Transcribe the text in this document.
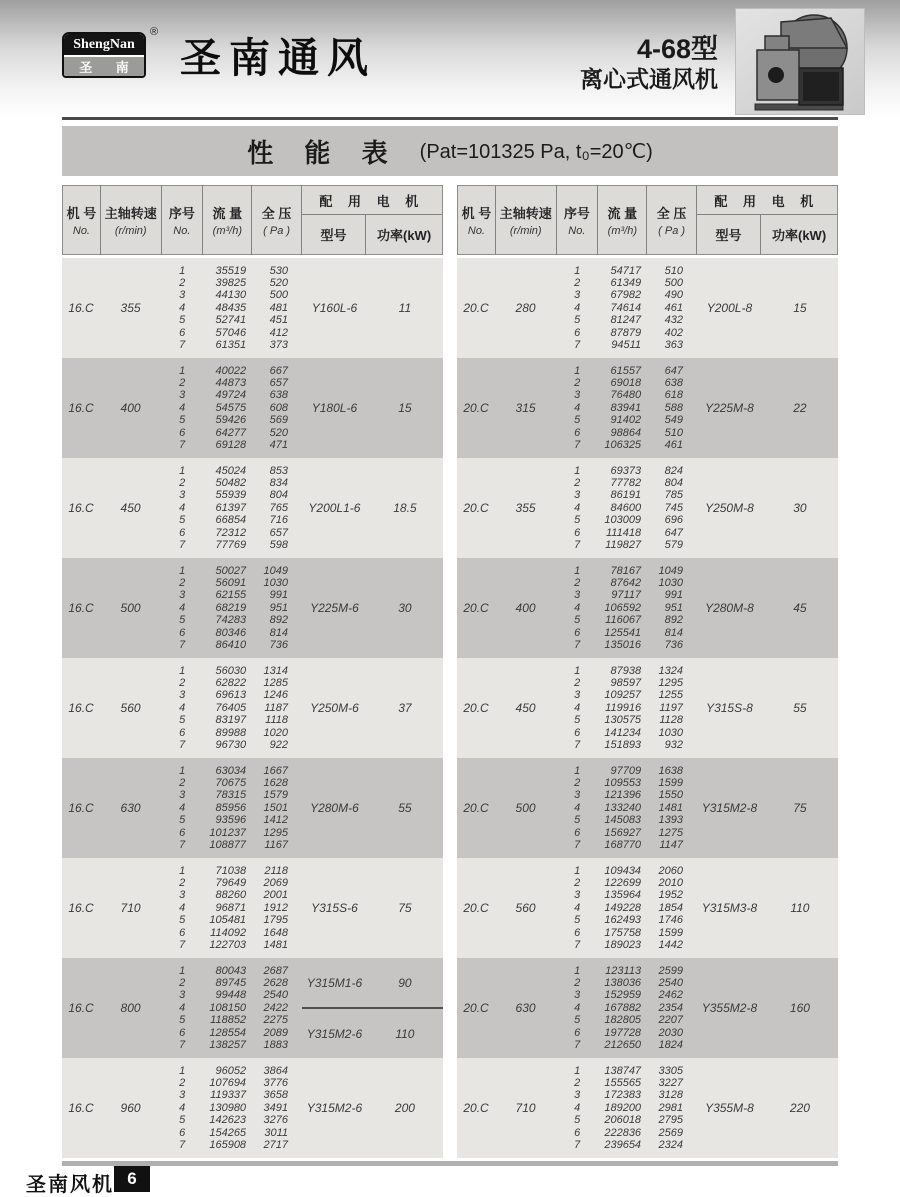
ShengNan
圣 南
®
圣南通风	4-68型
离心式通风机
性 能 表 (Pat=101325 Pa, t₀=20℃)
机 号
No.
主轴转速
(r/min)
序号
No.
流 量
(m³/h)
全 压
( Pa )
配 用 电 机
型号	功率(kW)
16.C	355
1	35519	530
2	39825	520
3	44130	500
4	48435	481
5	52741	451
6	57046	412
7	61351	373
Y160L-6	11
16.C	400
1	40022	667
2	44873	657
3	49724	638
4	54575	608
5	59426	569
6	64277	520
7	69128	471
Y180L-6	15
16.C	450
1	45024	853
2	50482	834
3	55939	804
4	61397	765
5	66854	716
6	72312	657
7	77769	598
Y200L1-6	18.5
16.C	500
1	50027	1049
2	56091	1030
3	62155	991
4	68219	951
5	74283	892
6	80346	814
7	86410	736
Y225M-6	30
16.C	560
1	56030	1314
2	62822	1285
3	69613	1246
4	76405	1187
5	83197	1118
6	89988	1020
7	96730	922
Y250M-6	37
16.C	630
1	63034	1667
2	70675	1628
3	78315	1579
4	85956	1501
5	93596	1412
6	101237	1295
7	108877	1167
Y280M-6	55
16.C	710
1	71038	2118
2	79649	2069
3	88260	2001
4	96871	1912
5	105481	1795
6	114092	1648
7	122703	1481
Y315S-6	75
16.C	800
1	80043	2687
2	89745	2628
3	99448	2540
4	108150	2422
5	118852	2275
6	128554	2089
7	138257	1883
Y315M1-6	90
Y315M2-6	110
16.C	960
1	96052	3864
2	107694	3776
3	119337	3658
4	130980	3491
5	142623	3276
6	154265	3011
7	165908	2717
Y315M2-6	200
机 号
No.
主轴转速
(r/min)
序号
No.
流 量
(m³/h)
全 压
( Pa )
配 用 电 机
型号	功率(kW)
20.C	280
1	54717	510
2	61349	500
3	67982	490
4	74614	461
5	81247	432
6	87879	402
7	94511	363
Y200L-8	15
20.C	315
1	61557	647
2	69018	638
3	76480	618
4	83941	588
5	91402	549
6	98864	510
7	106325	461
Y225M-8	22
20.C	355
1	69373	824
2	77782	804
3	86191	785
4	84600	745
5	103009	696
6	111418	647
7	119827	579
Y250M-8	30
20.C	400
1	78167	1049
2	87642	1030
3	97117	991
4	106592	951
5	116067	892
6	125541	814
7	135016	736
Y280M-8	45
20.C	450
1	87938	1324
2	98597	1295
3	109257	1255
4	119916	1197
5	130575	1128
6	141234	1030
7	151893	932
Y315S-8	55
20.C	500
1	97709	1638
2	109553	1599
3	121396	1550
4	133240	1481
5	145083	1393
6	156927	1275
7	168770	1147
Y315M2-8	75
20.C	560
1	109434	2060
2	122699	2010
3	135964	1952
4	149228	1854
5	162493	1746
6	175758	1599
7	189023	1442
Y315M3-8	110
20.C	630
1	123113	2599
2	138036	2540
3	152959	2462
4	167882	2354
5	182805	2207
6	197728	2030
7	212650	1824
Y355M2-8	160
20.C	710
1	138747	3305
2	155565	3227
3	172383	3128
4	189200	2981
5	206018	2795
6	222836	2569
7	239654	2324
Y355M-8	220
圣南风机 6
